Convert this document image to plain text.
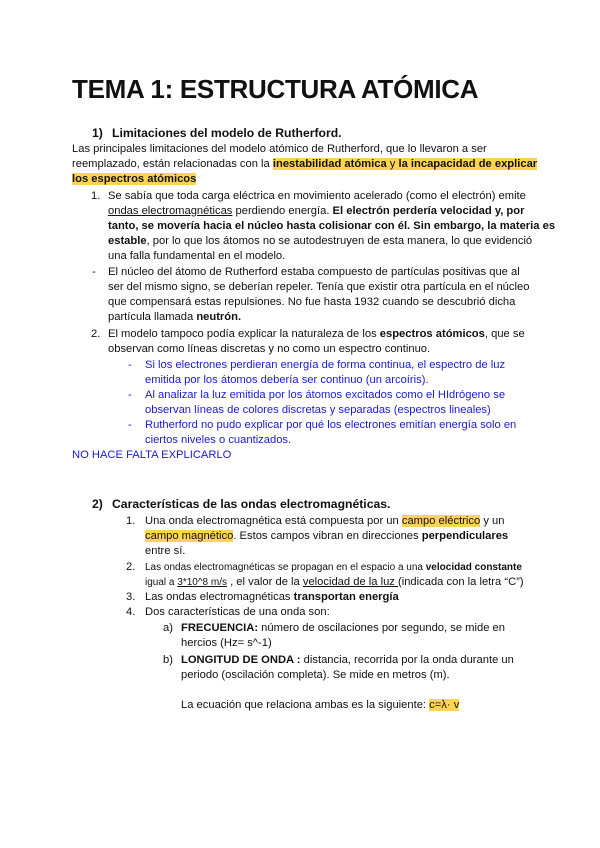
TEMA 1: ESTRUCTURA ATÓMICA
1) Limitaciones del modelo de Rutherford.
Las principales limitaciones del modelo atómico de Rutherford, que lo llevaron a ser
reemplazado, están relacionadas con la inestabilidad atómica y la incapacidad de explicar
los espectros atómicos
1. Se sabía que toda carga eléctrica en movimiento acelerado (como el electrón) emite
ondas electromagnéticas perdiendo energía. El electrón perdería velocidad y, por
tanto, se movería hacia el núcleo hasta colisionar con él. Sin embargo, la materia es
estable, por lo que los átomos no se autodestruyen de esta manera, lo que evidenció
una falla fundamental en el modelo.
- El núcleo del átomo de Rutherford estaba compuesto de partículas positivas que al
ser del mismo signo, se deberían repeler. Tenía que existir otra partícula en el núcleo
que compensará estas repulsiones. No fue hasta 1932 cuando se descubrió dicha
partícula llamada neutrón.
2. El modelo tampoco podía explicar la naturaleza de los espectros atómicos, que se
observan como líneas discretas y no como un espectro continuo.
- Si los electrones perdieran energía de forma continua, el espectro de luz
emitida por los átomos debería ser continuo (un arcoíris).
- Al analizar la luz emitida por los átomos excitados como el HIdrógeno se
observan líneas de colores discretas y separadas (espectros lineales)
- Rutherford no pudo explicar por qué los electrones emitían energía solo en
ciertos niveles o cuantizados.
NO HACE FALTA EXPLICARLO
2) Características de las ondas electromagnéticas.
1. Una onda electromagnética está compuesta por un campo eléctrico y un
campo magnético. Estos campos vibran en direcciones perpendiculares
entre sí.
2. Las ondas electromagnéticas se propagan en el espacio a una velocidad constante
igual a 3*10^8 m/s , el valor de la velocidad de la luz (indicada con la letra “C”)
3. Las ondas electromagnéticas transportan energía
4. Dos características de una onda son:
a) FRECUENCIA: número de oscilaciones por segundo, se mide en
hercios (Hz= s^-1)
b) LONGITUD DE ONDA : distancia, recorrida por la onda durante un
periodo (oscilación completa). Se mide en metros (m).
La ecuación que relaciona ambas es la siguiente: c=λ· v
